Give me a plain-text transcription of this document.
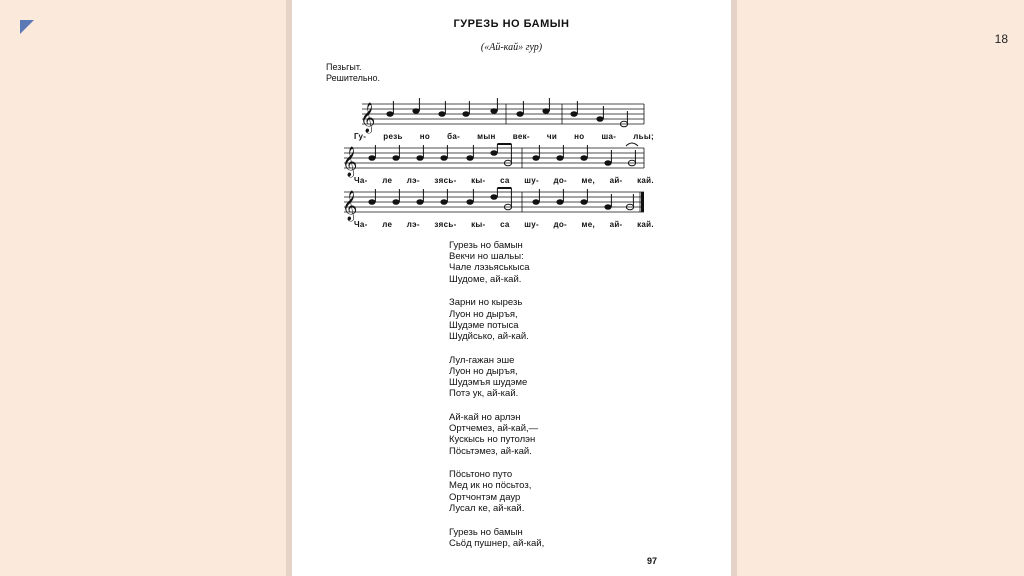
18
ГУРЕЗЬ НО БАМЫН
(«Ай-кай» гур)
Пезьгыт.
Решительно.
𝄞
Гу- резь но ба- мын век- чи но ша- льы;
𝄞
Ча- ле лэ- зясь- кы- са шу- до- ме, ай- кай.
𝄞
Ча- ле лэ- зясь- кы- са шу- до- ме, ай- кай.
Гурезь но бамын
Векчи но шальы:
Чале лэзьяськыса
Шудоме, ай-кай.
Зарни но кырезь
Луон но дыръя,
Шудэме потыса
Шудйсько, ай-кай.
Лул-гажан эше
Луон но дыръя,
Шудэмъя шудэме
Потэ ук, ай-кай.
Ай-кай но арлэн
Ортчемез, ай-кай,—
Кускысь но путолэн
Пöсьтэмез, ай-кай.
Пöсьтоно путо
Мед ик но пöсьтоз,
Ортчонтэм даур
Лусал ке, ай-кай.
Гурезь но бамын
Сьöд пушнер, ай-кай,
97
